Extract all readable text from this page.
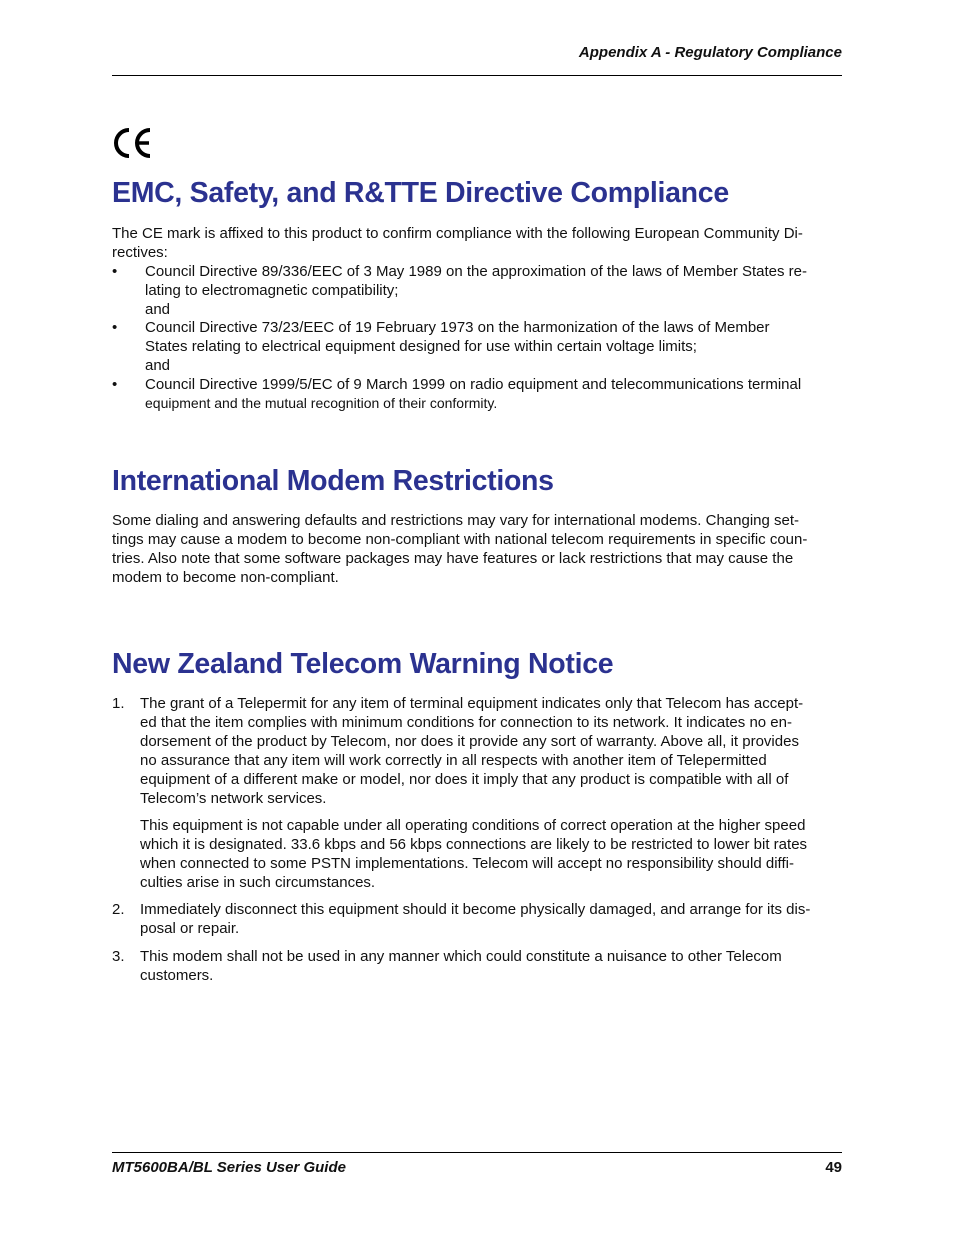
Appendix A - Regulatory Compliance
EMC, Safety, and R&TTE Directive Compliance
The CE mark is affixed to this product to confirm compliance with the following European Community Di-
rectives:
•	Council Directive 89/336/EEC of 3 May 1989 on the approximation of the laws of Member States re-
lating to electromagnetic compatibility;
and
•	Council Directive 73/23/EEC of 19 February 1973 on the harmonization of the laws of Member
States relating to electrical equipment designed for use within certain voltage limits;
and
•	Council Directive 1999/5/EC of 9 March 1999 on radio equipment and telecommunications terminal
equipment and the mutual recognition of their conformity.
International Modem Restrictions
Some dialing and answering defaults and restrictions may vary for international modems. Changing set-
tings may cause a modem to become non-compliant with national telecom requirements in specific coun-
tries. Also note that some software packages may have features or lack restrictions that may cause the
modem to become non-compliant.
New Zealand Telecom Warning Notice
1. The grant of a Telepermit for any item of terminal equipment indicates only that Telecom has accept-
ed that the item complies with minimum conditions for connection to its network. It indicates no en-
dorsement of the product by Telecom, nor does it provide any sort of warranty. Above all, it provides
no assurance that any item will work correctly in all respects with another item of Telepermitted
equipment of a different make or model, nor does it imply that any product is compatible with all of
Telecom’s network services.
This equipment is not capable under all operating conditions of correct operation at the higher speed
which it is designated. 33.6 kbps and 56 kbps connections are likely to be restricted to lower bit rates
when connected to some PSTN implementations. Telecom will accept no responsibility should diffi-
culties arise in such circumstances.
2. Immediately disconnect this equipment should it become physically damaged, and arrange for its dis-
posal or repair.
3. This modem shall not be used in any manner which could constitute a nuisance to other Telecom
customers.
MT5600BA/BL Series User Guide	49
